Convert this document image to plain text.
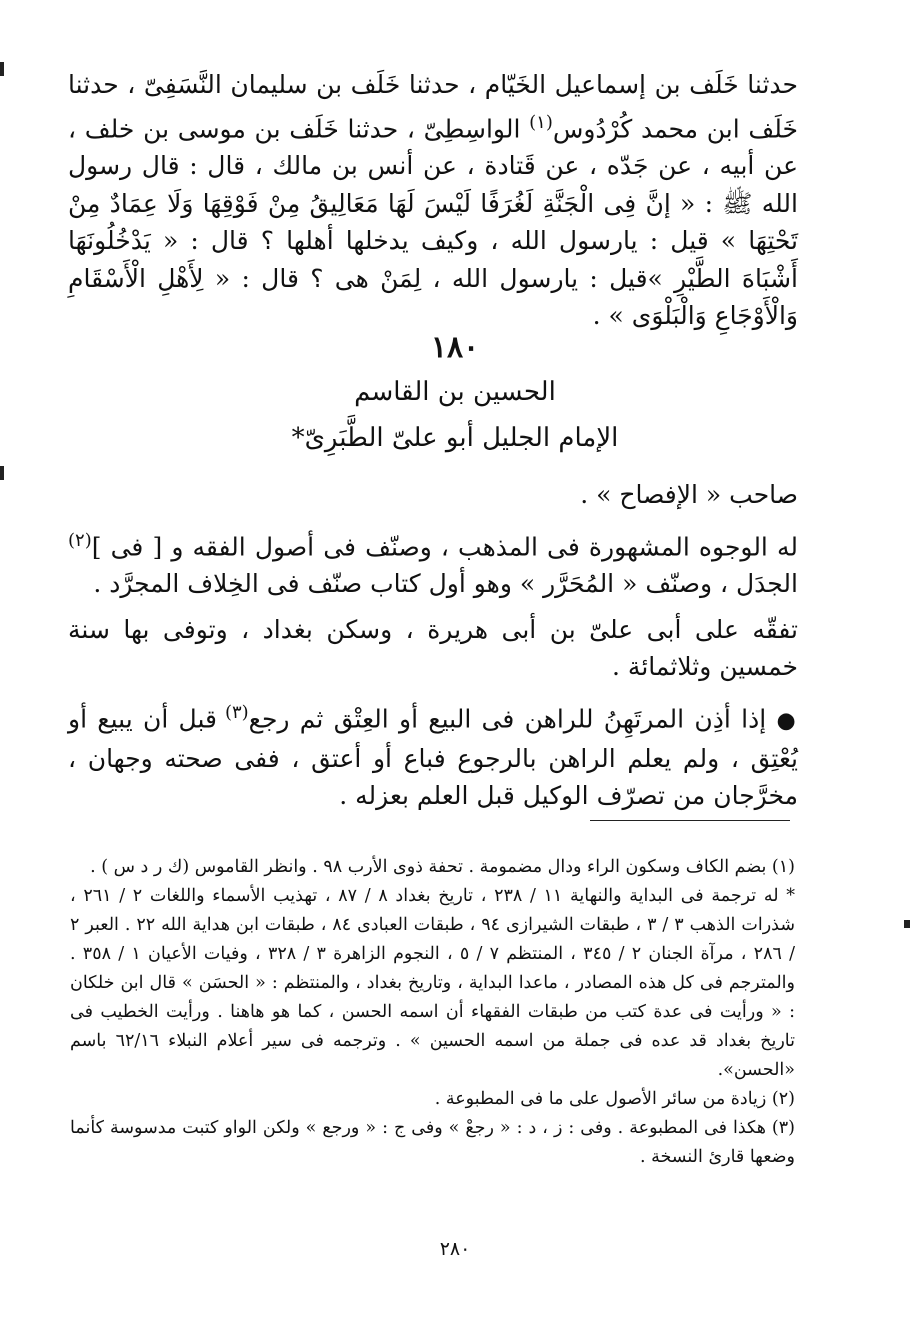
حدثنا خَلَف بن إسماعيل الخَيّام ، حدثنا خَلَف بن سليمان النَّسَفِىّ ، حدثنا خَلَف ابن محمد كُرْدُوس$^{(١)}$ الواسِطِىّ ، حدثنا خَلَف بن موسى بن خلف ، عن أبيه ، عن جَدّه ، عن قَتادة ، عن أنس بن مالك ، قال : قال رسول الله ﷺ : « إنَّ فِى الْجَنَّةِ لَغُرَفًا لَيْسَ لَهَا مَعَالِيقُ مِنْ فَوْقِهَا وَلَا عِمَادٌ مِنْ تَحْتِهَا » قيل : يارسول الله ، وكيف يدخلها أهلها ؟ قال : « يَدْخُلُونَهَا أَشْبَاهَ الطَّيْرِ »قيل : يارسول الله ، لِمَنْ هى ؟ قال : « لِأَهْلِ الْأَسْقَامِ وَالْأَوْجَاعِ وَالْبَلْوَى » .

١٨٠
الحسين بن القاسم
الإمام الجليل أبو علىّ الطَّبَرِىّ*

صاحب « الإفصاح » .

له الوجوه المشهورة فى المذهب ، وصنّف فى أصول الفقه و [ فى ]$^{(٢)}$ الجدَل ، وصنّف « المُحَرَّر » وهو أول كتاب صنّف فى الخِلاف المجرَّد .

تفقّه على أبى علىّ بن أبى هريرة ، وسكن بغداد ، وتوفى بها سنة خمسين وثلاثمائة .

● إذا أذِن المرتَهِنُ للراهن فى البيع أو العِتْق ثم رجع$^{(٣)}$ قبل أن يبيع أو يُعْتِق ، ولم يعلم الراهن بالرجوع فباع أو أعتق ، ففى صحته وجهان ، مخرَّجان من تصرّف الوكيل قبل العلم بعزله .

(١) بضم الكاف وسكون الراء ودال مضمومة . تحفة ذوى الأرب ٩٨ . وانظر القاموس (ك ر د س ) .

* له ترجمة فى البداية والنهاية ١١ / ٢٣٨ ، تاريخ بغداد ٨ / ٨٧ ، تهذيب الأسماء واللغات ٢ / ٢٦١ ، شذرات الذهب ٣ / ٣ ، طبقات الشيرازى ٩٤ ، طبقات العبادى ٨٤ ، طبقات ابن هداية الله ٢٢ . العبر ٢ / ٢٨٦ ، مرآة الجنان ٢ / ٣٤٥ ، المنتظم ٧ / ٥ ، النجوم الزاهرة ٣ / ٣٢٨ ، وفيات الأعيان ١ / ٣٥٨ . والمترجم فى كل هذه المصادر ، ماعدا البداية ، وتاريخ بغداد ، والمنتظم : « الحسَن » قال ابن خلكان : « ورأيت فى عدة كتب من طبقات الفقهاء أن اسمه الحسن ، كما هو هاهنا . ورأيت الخطيب فى تاريخ بغداد قد عده فى جملة من اسمه الحسين » . وترجمه فى سير أعلام النبلاء ٦٢/١٦ باسم «الحسن».

(٢) زيادة من سائر الأصول على ما فى المطبوعة .

(٣) هكذا فى المطبوعة . وفى : ز ، د : « رجعْ » وفى ج : « ورجع » ولكن الواو كتبت مدسوسة كأنما وضعها قارئ النسخة .

٢٨٠
